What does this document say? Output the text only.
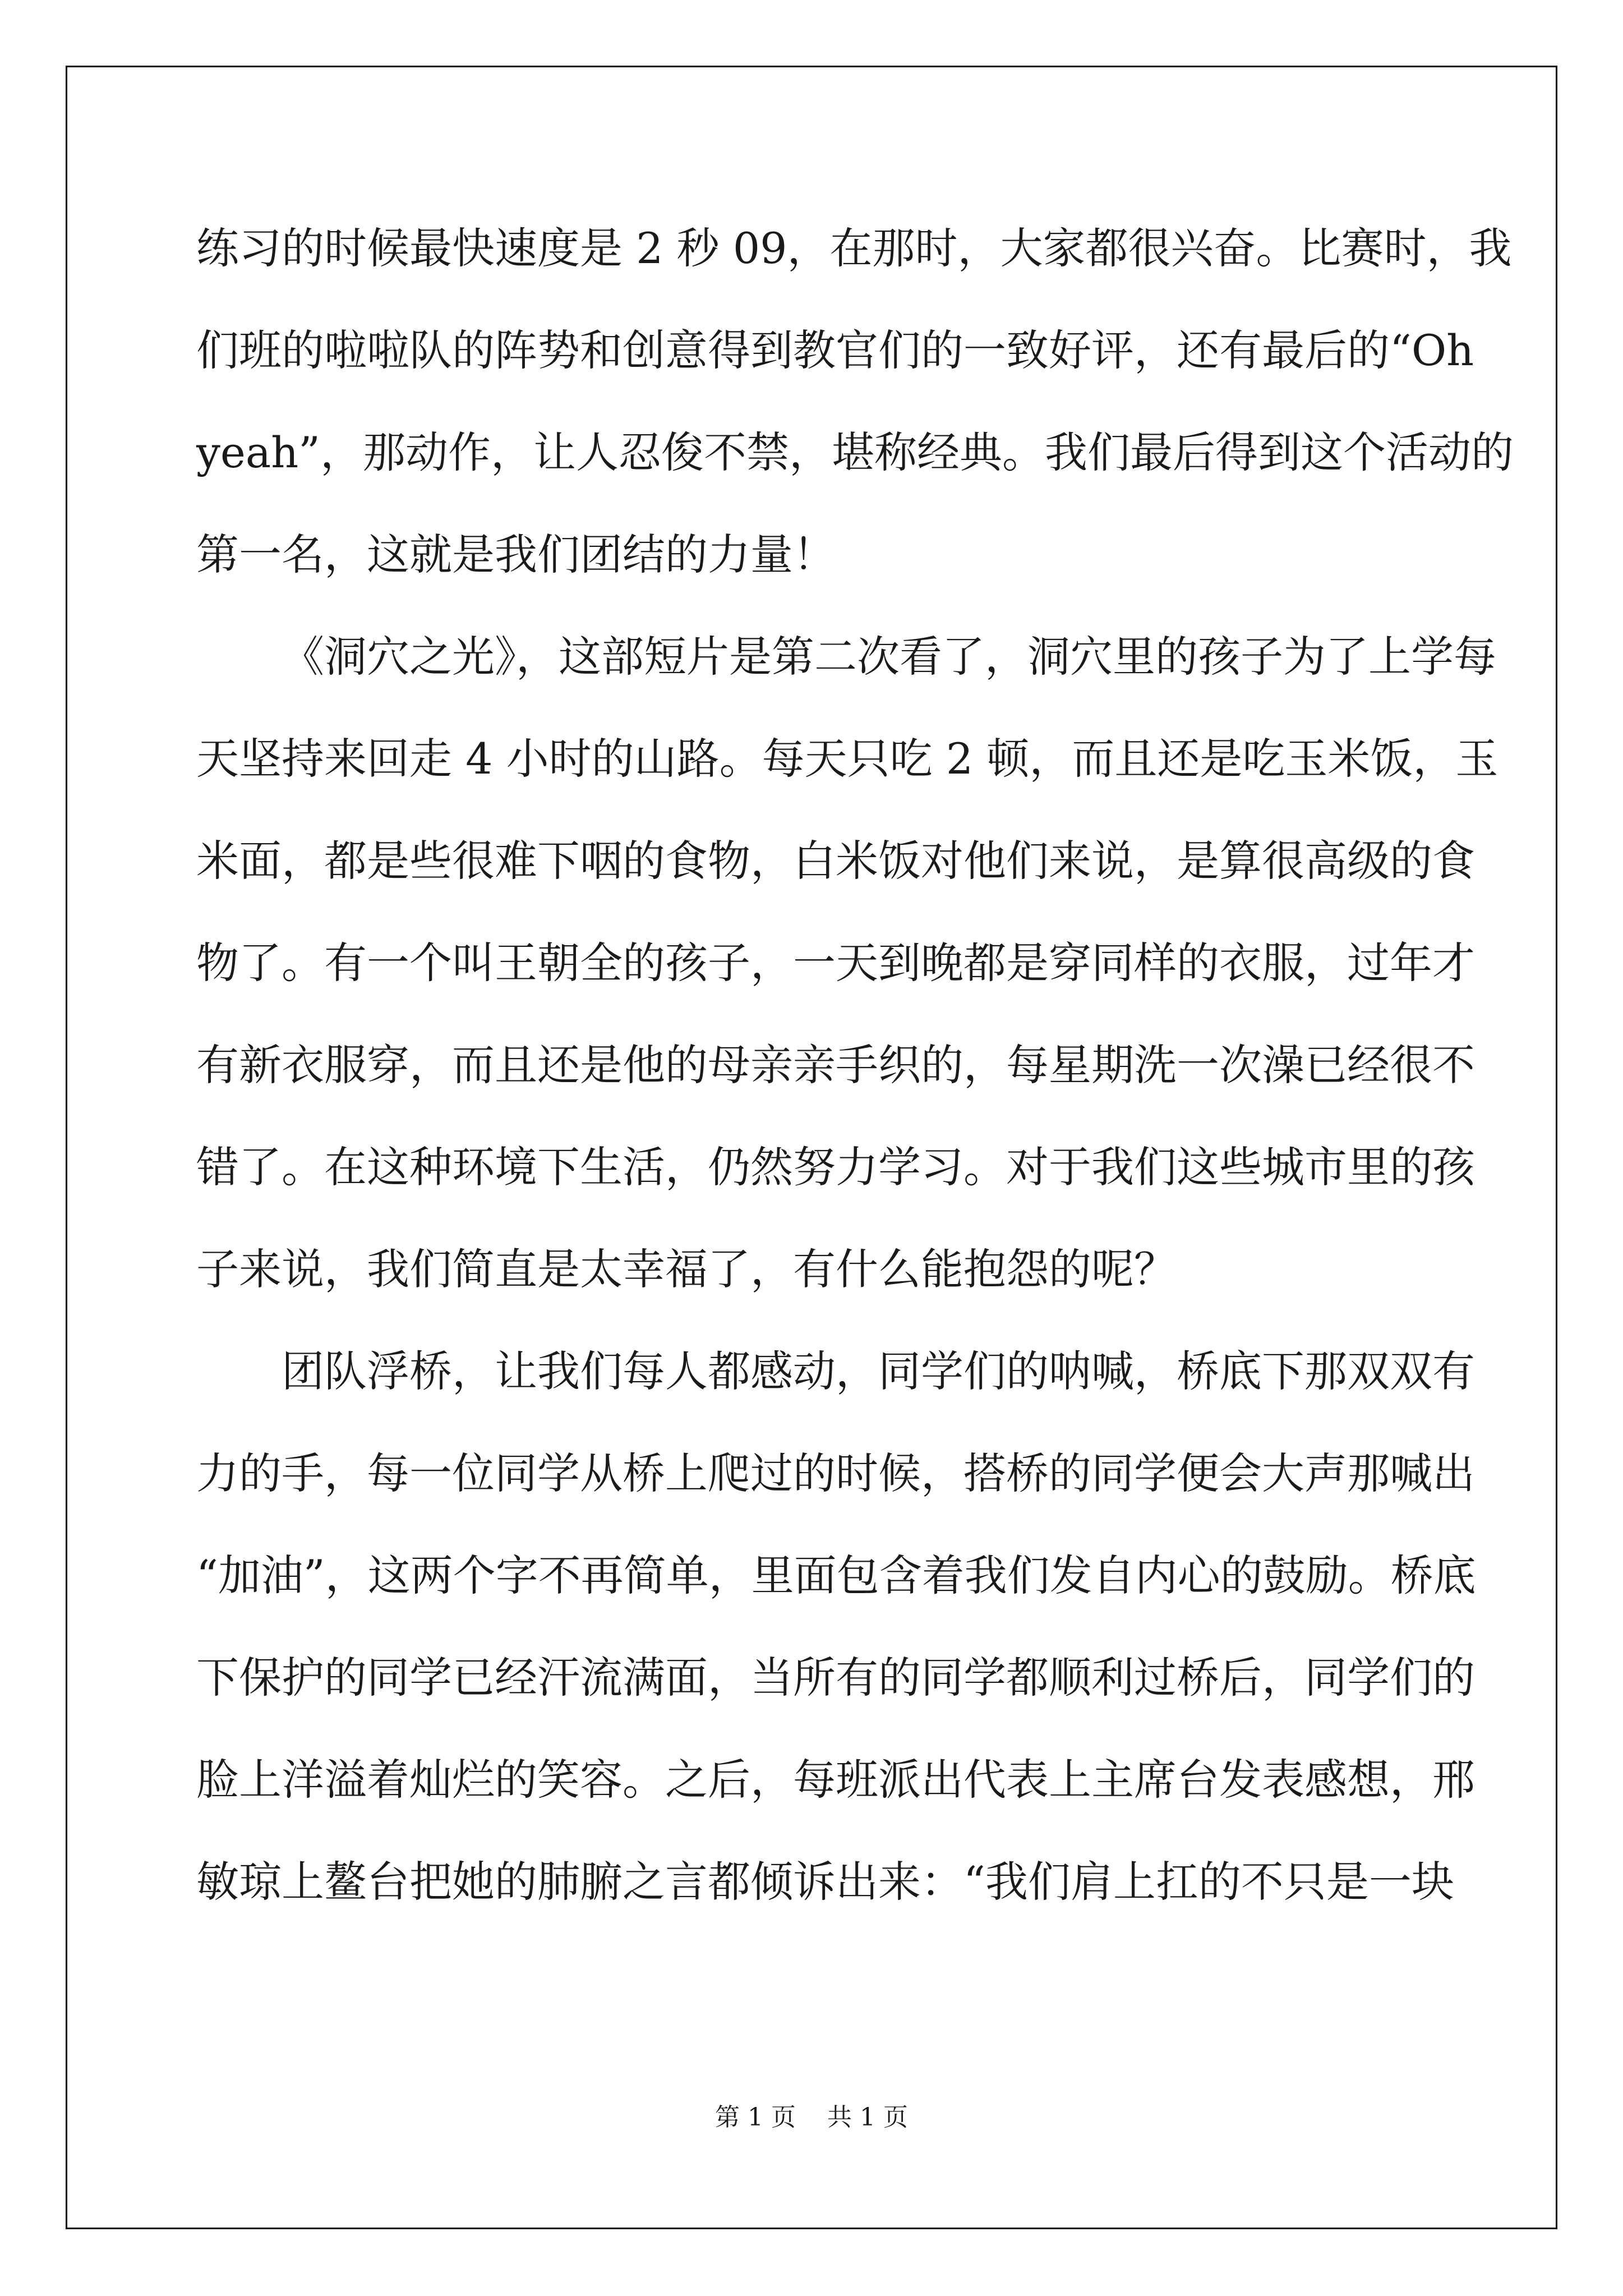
练习的时候最快速度是 2 秒 09，在那时，大家都很兴奋。比赛时，我
们班的啦啦队的阵势和创意得到教官们的一致好评，还有最后的“Oh
yeah”，那动作，让人忍俊不禁，堪称经典。我们最后得到这个活动的
第一名，这就是我们团结的力量！
《洞穴之光》，这部短片是第二次看了，洞穴里的孩子为了上学每
天坚持来回走 4 小时的山路。每天只吃 2 顿，而且还是吃玉米饭，玉
米面，都是些很难下咽的食物，白米饭对他们来说，是算很高级的食
物了。有一个叫王朝全的孩子，一天到晚都是穿同样的衣服，过年才
有新衣服穿，而且还是他的母亲亲手织的，每星期洗一次澡已经很不
错了。在这种环境下生活，仍然努力学习。对于我们这些城市里的孩
子来说，我们简直是太幸福了，有什么能抱怨的呢？
团队浮桥，让我们每人都感动，同学们的呐喊，桥底下那双双有
力的手，每一位同学从桥上爬过的时候，搭桥的同学便会大声那喊出
“加油”，这两个字不再简单，里面包含着我们发自内心的鼓励。桥底
下保护的同学已经汗流满面，当所有的同学都顺利过桥后，同学们的
脸上洋溢着灿烂的笑容。之后，每班派出代表上主席台发表感想，邢
敏琼上鳌台把她的肺腑之言都倾诉出来：“我们肩上扛的不只是一块
第 1 页 共 1 页
